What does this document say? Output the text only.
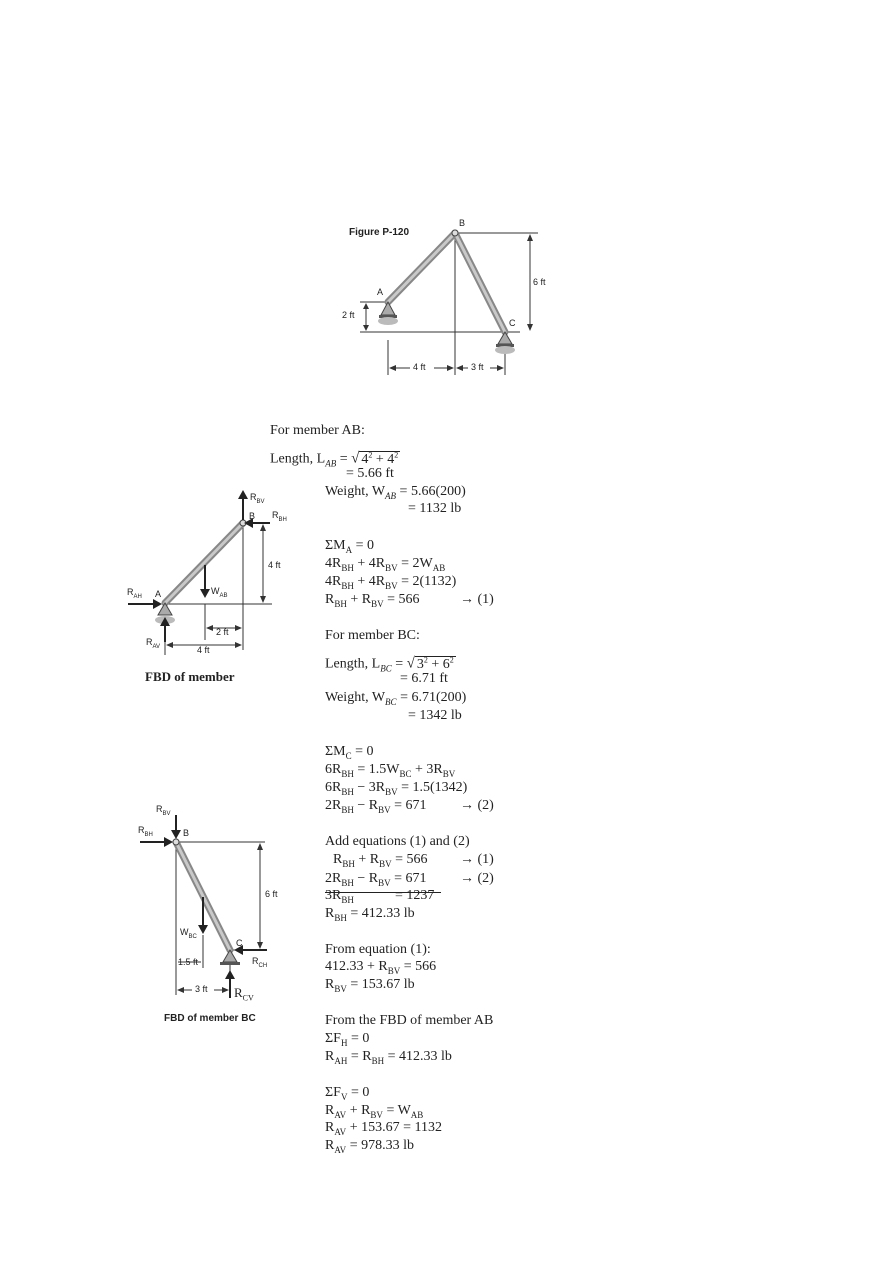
Figure P-120
B
A
C
6 ft
2 ft
4 ft	3 ft
$R_{BV}$
$R_{BH}$
B
A
$R_{AH}$
$R_{AV}$
$W_{AB}$
4 ft
2 ft
4 ft
FBD of member
$R_{BV}$
$R_{BH}$	B
C
$W_{BC}$
6 ft
1.5 ft	$R_{CH}$
3 ft $R_{CV}$
FBD of member BC
For member AB:
Length, $L_{AB}$ = √ $4^2 + 4^2$
= 5.66 ft
Weight, $W_{AB} = 5.66(200)$
= 1132 lb
$\Sigma M_A = 0$
$4R_{BH} + 4R_{BV} = 2W_{AB}$
$4R_{BH} + 4R_{BV} = 2(1132)$
$R_{BH} + R_{BV} = 566$	→ (1)
For member BC:
Length, $L_{BC}$ = √ $3^2 + 6^2$
= 6.71 ft
Weight, $W_{BC} = 6.71(200)$
= 1342 lb
$\Sigma M_C = 0$
$6R_{BH} = 1.5W_{BC} + 3R_{BV}$
$6R_{BH} - 3R_{BV} = 1.5(1342)$
$2R_{BH} - R_{BV} = 671 \to (2)$
Add equations (1) and (2)
$R_{BH} + R_{BV} = 566 \to (1)$
$2R_{BH} - R_{BV} = 671$	→ (2)
$3R_{BH}$	= 1237
$R_{BH} = 412.33$ lb
From equation (1):
$412.33 + R_{BV} = 566$
$R_{BV} = 153.67$ lb
From the FBD of member AB
$\Sigma F_H = 0$
$R_{AH} = R_{BH} = 412.33$ lb
$\Sigma F_V = 0$
$R_{AV} + R_{BV} = W_{AB}$
$R_{AV} + 153.67 = 1132$
$R_{AV} = 978.33$ lb
